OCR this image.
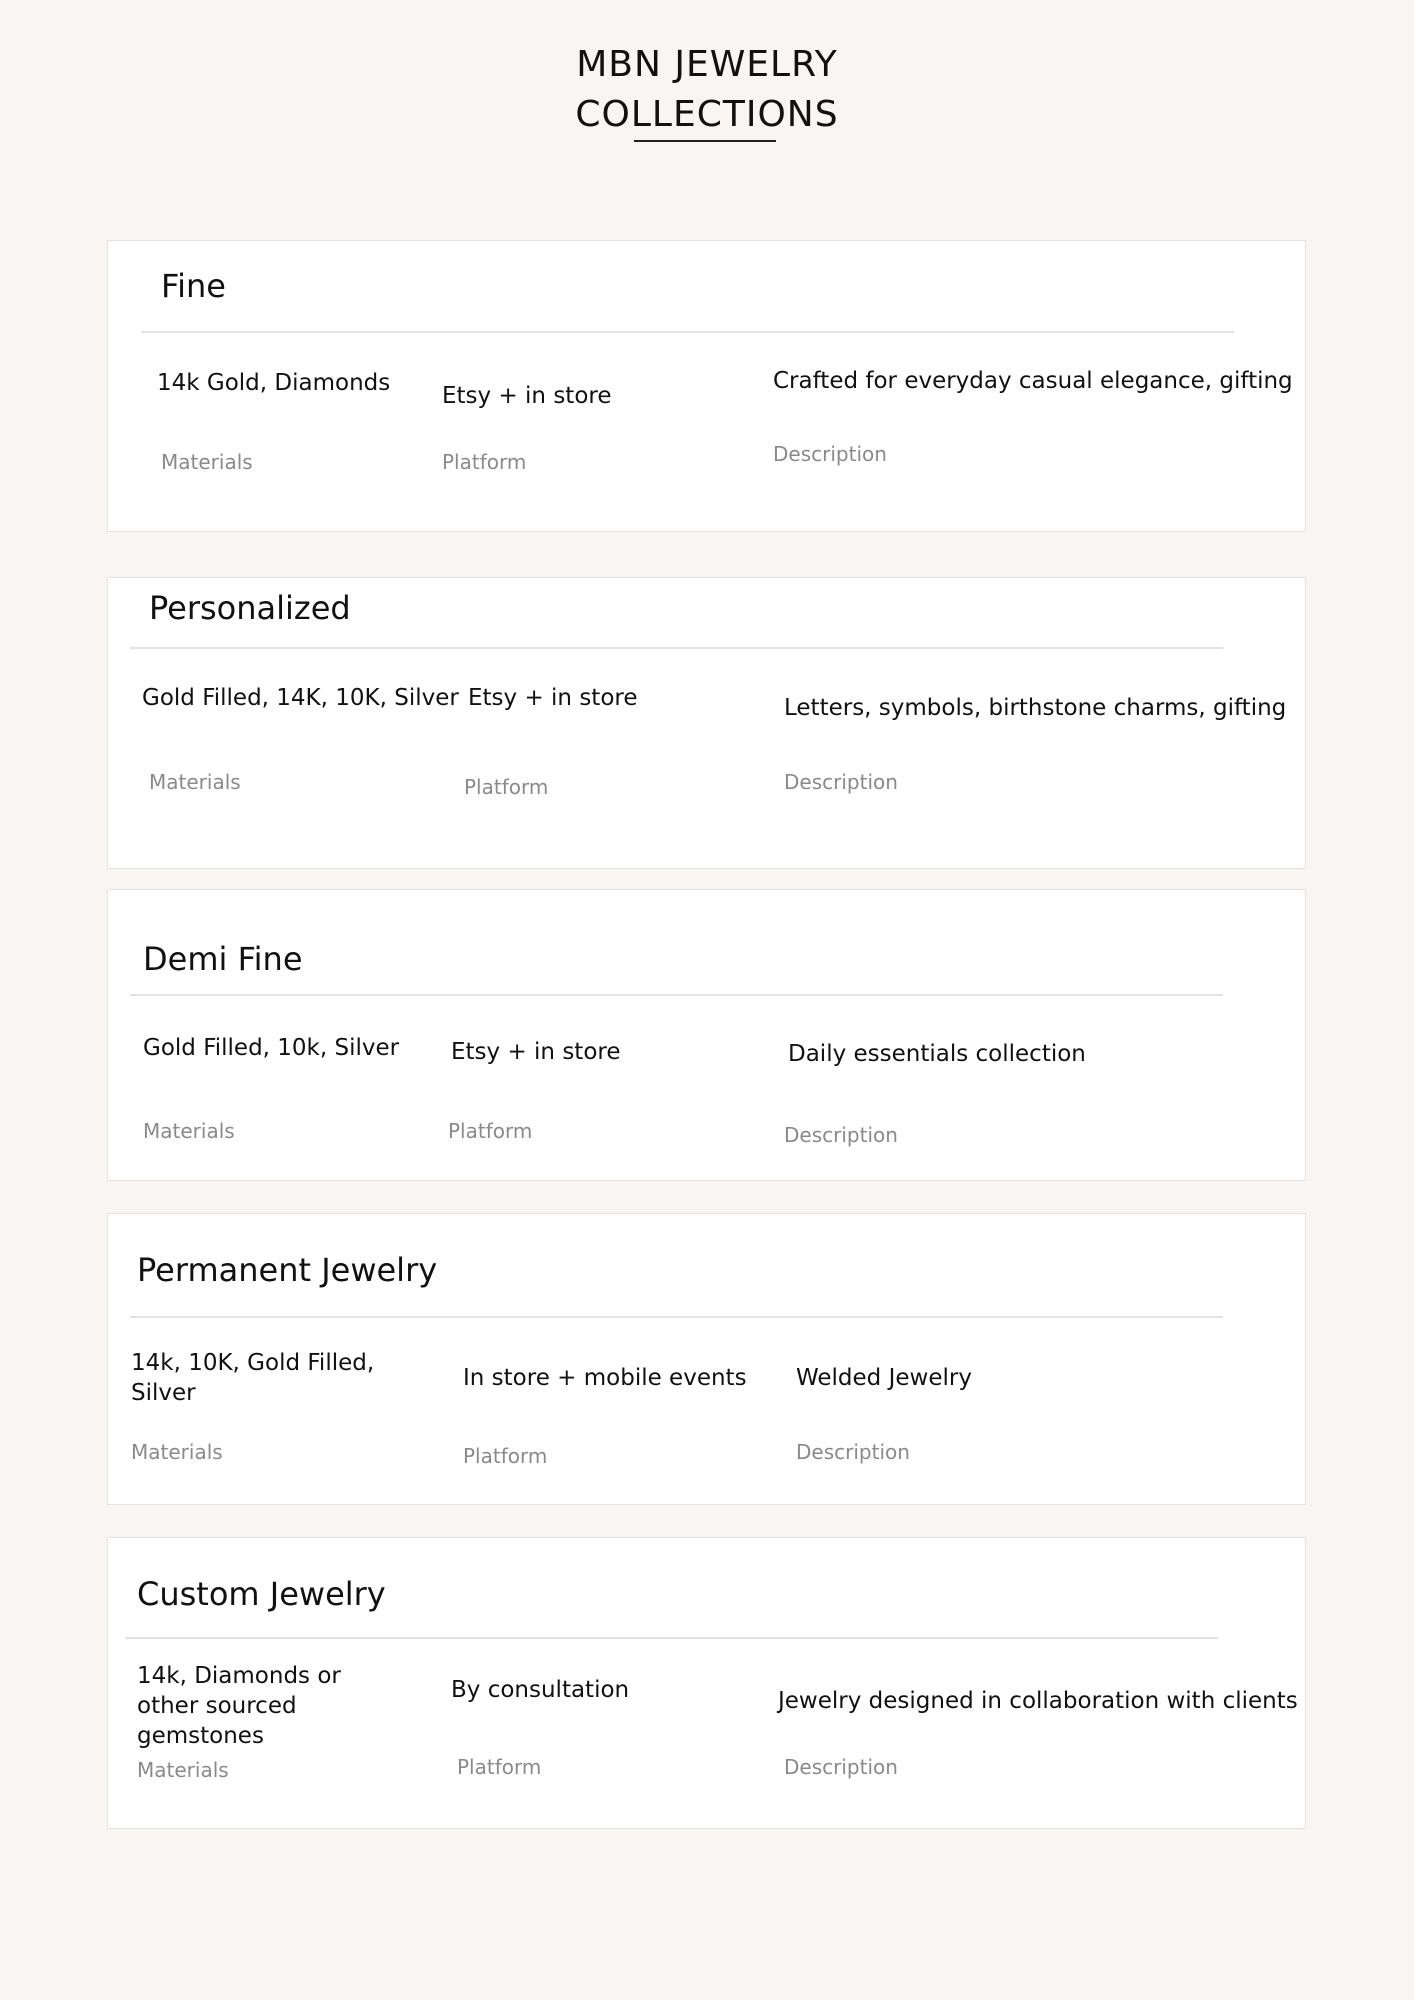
MBN JEWELRY
COLLECTIONS
Fine
14k Gold, Diamonds
Materials
Etsy + in store
Platform
Crafted for everyday casual elegance, gifting
Description
Personalized
Gold Filled, 14K, 10K, Silver
Materials
Etsy + in store
Platform
Letters, symbols, birthstone charms, gifting
Description
Demi Fine
Gold Filled, 10k, Silver
Materials
Etsy + in store
Platform
Daily essentials collection
Description
Permanent Jewelry
14k, 10K, Gold Filled, Silver
Materials
In store + mobile events
Platform
Welded Jewelry
Description
Custom Jewelry
14k, Diamonds or other sourced gemstones
Materials
By consultation
Platform
Jewelry designed in collaboration with clients
Description
